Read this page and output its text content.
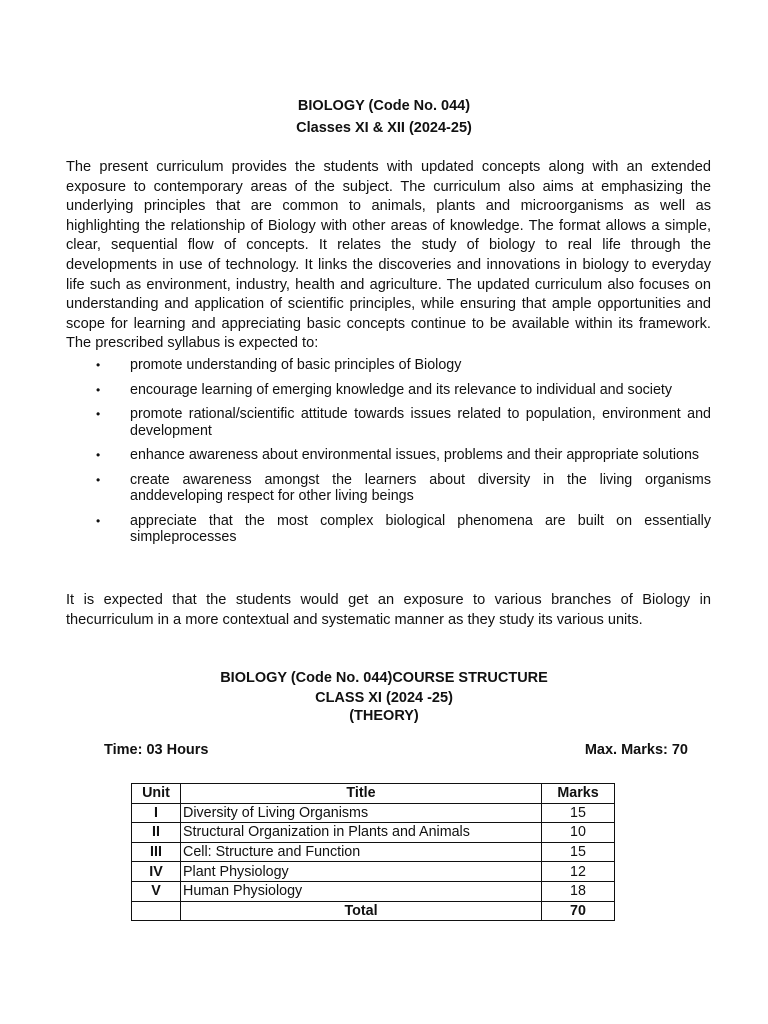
BIOLOGY (Code No. 044)
Classes XI & XII (2024-25)

The present curriculum provides the students with updated concepts along with an extended exposure to contemporary areas of the subject. The curriculum also aims at emphasizing the underlying principles that are common to animals, plants and microorganisms as well as highlighting the relationship of Biology with other areas of knowledge. The format allows a simple, clear, sequential flow of concepts. It relates the study of biology to real life through the developments in use of technology. It links the discoveries and innovations in biology to everyday life such as environment, industry, health and agriculture. The updated curriculum also focuses on understanding and application of scientific principles, while ensuring that ample opportunities and scope for learning and appreciating basic concepts continue to be available within its framework. The prescribed syllabus is expected to:

• promote understanding of basic principles of Biology
• encourage learning of emerging knowledge and its relevance to individual and society
• promote rational/scientific attitude towards issues related to population, environment and development
• enhance awareness about environmental issues, problems and their appropriate solutions
• create awareness amongst the learners about diversity in the living organisms anddeveloping respect for other living beings
• appreciate that the most complex biological phenomena are built on essentially simpleprocesses

It is expected that the students would get an exposure to various branches of Biology in thecurriculum in a more contextual and systematic manner as they study its various units.

BIOLOGY (Code No. 044)COURSE STRUCTURE
CLASS XI (2024 -25)
(THEORY)
Time: 03 Hours	Max. Marks: 70
Unit	Title	Marks
I	Diversity of Living Organisms	15
II	Structural Organization in Plants and Animals	10
III	Cell: Structure and Function	15
IV	Plant Physiology	12
V	Human Physiology	18
	Total	70
